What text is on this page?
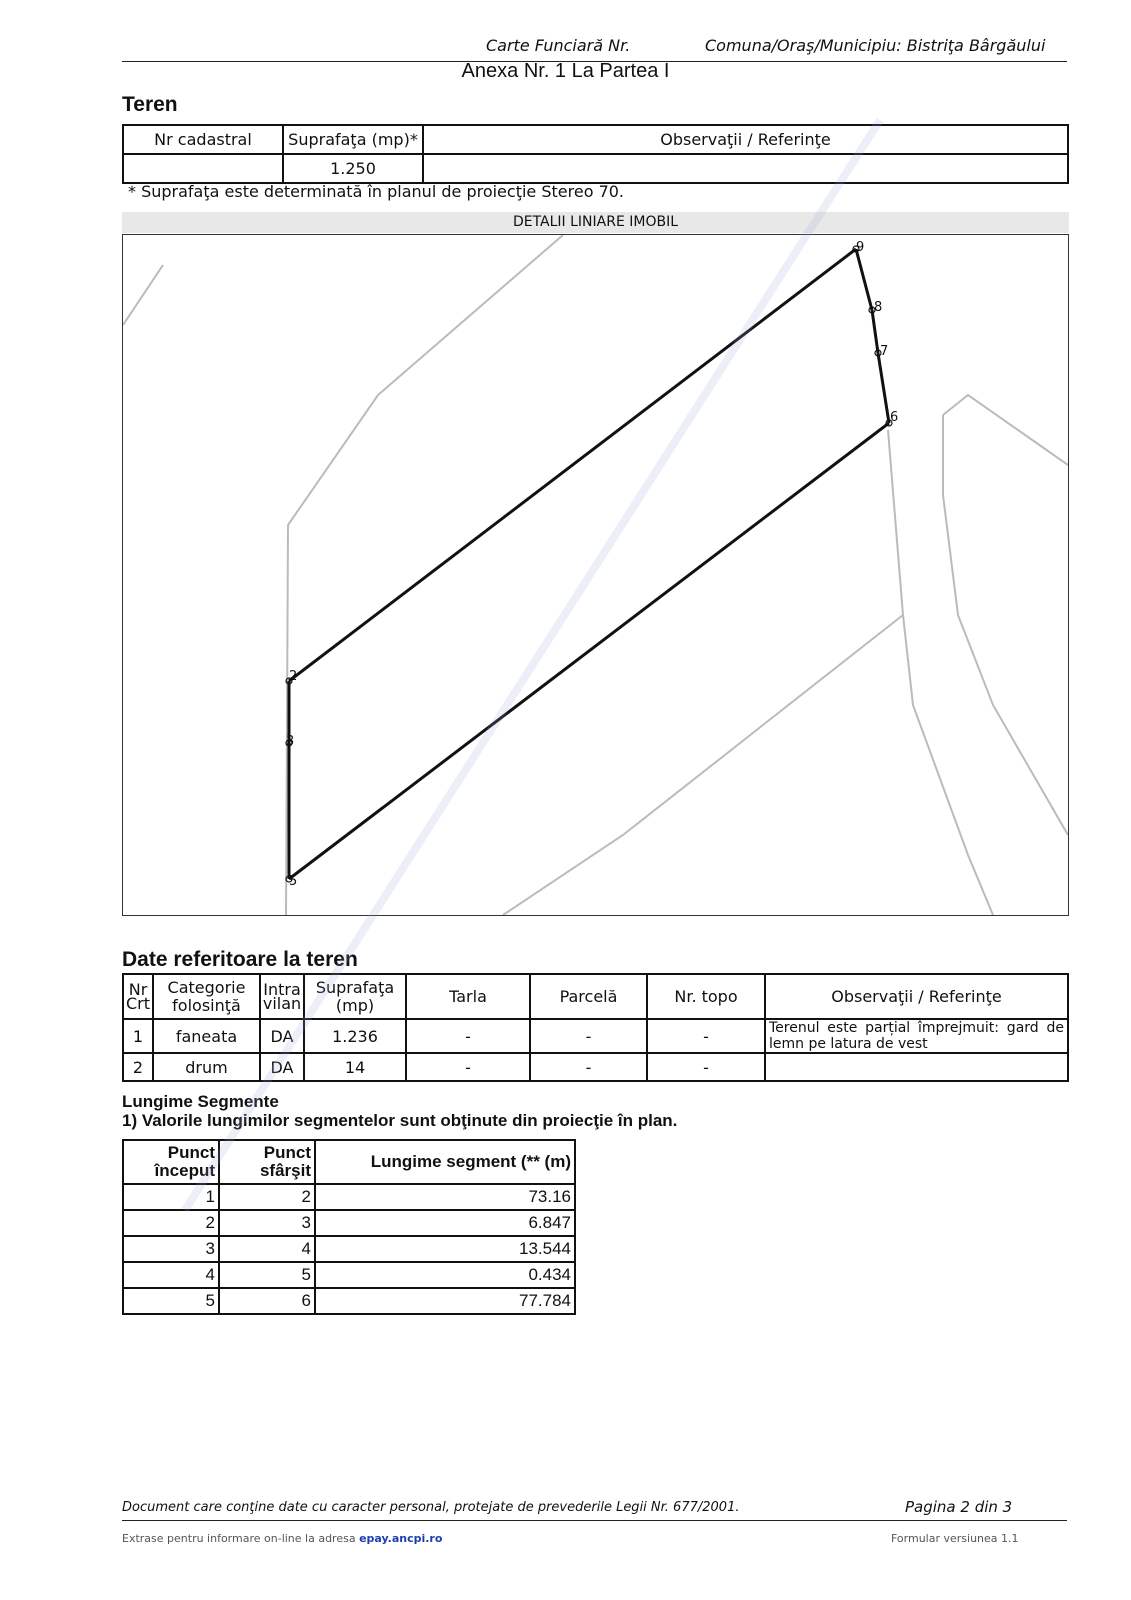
Carte Funciară Nr.	Comuna/Oraş/Municipiu: Bistriţa Bârgăului
Anexa Nr. 1 La Partea I
Teren
Nr cadastral	Suprafaţa (mp)*	Observaţii / Referinţe
	1.250	
* Suprafaţa este determinată în planul de proiecţie Stereo 70.
DETALII LINIARE IMOBIL
9
8
7
6
2
3
5
Date referitoare la teren
Nr Crt	Categorie folosinţă	Intra vilan	Suprafaţa (mp)	Tarla	Parcelă	Nr. topo	Observaţii / Referinţe
1	faneata	DA	1.236	-	-	-	Terenul este parțial împrejmuit: gard de lemn pe latura de vest
2	drum	DA	14	-	-	-	
Lungime Segmente
1) Valorile lungimilor segmentelor sunt obţinute din proiecţie în plan.
Punct început	Punct sfârşit	Lungime segment (** (m)
1	2	73.16
2	3	6.847
3	4	13.544
4	5	0.434
5	6	77.784
Document care conţine date cu caracter personal, protejate de prevederile Legii Nr. 677/2001.	Pagina 2 din 3
Extrase pentru informare on-line la adresa epay.ancpi.ro	Formular versiunea 1.1
